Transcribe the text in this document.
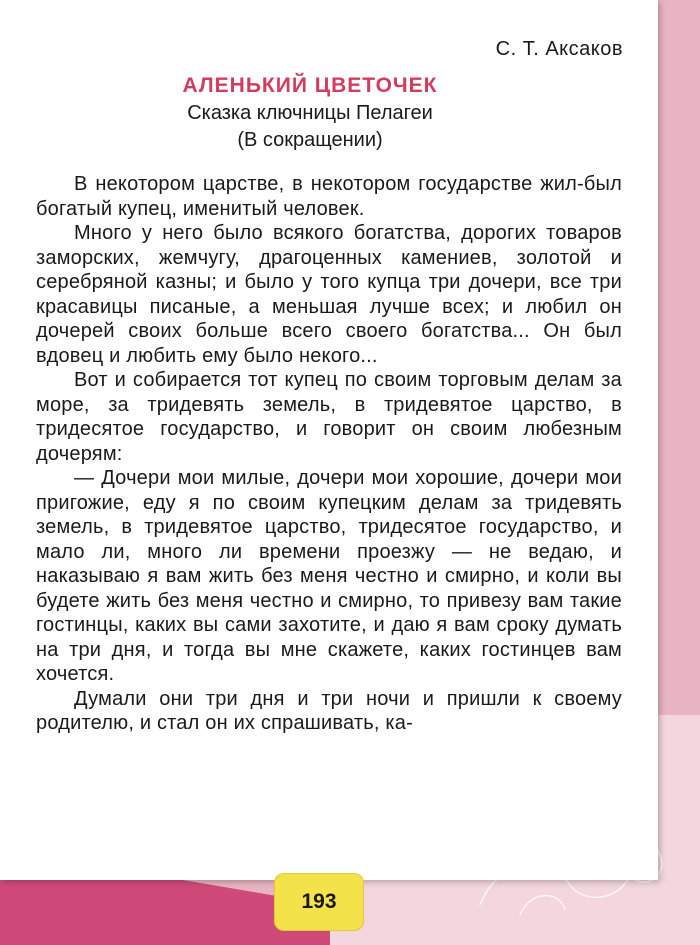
С. Т. Аксаков
АЛЕНЬКИЙ ЦВЕТОЧЕК
Сказка ключницы Пелагеи
(В сокращении)

В некотором царстве, в некотором государстве жил-был богатый купец, именитый человек.

Много у него было всякого богатства, дорогих товаров заморских, жемчугу, драгоценных камениев, золотой и серебряной казны; и было у того купца три дочери, все три красавицы писаные, а меньшая лучше всех; и любил он дочерей своих больше всего своего богатства... Он был вдовец и любить ему было некого...

Вот и собирается тот купец по своим торговым делам за море, за тридевять земель, в тридевятое царство, в тридесятое государство, и говорит он своим любезным дочерям:

— Дочери мои милые, дочери мои хорошие, дочери мои пригожие, еду я по своим купецким делам за тридевять земель, в тридевятое царство, тридесятое государство, и мало ли, много ли времени проезжу — не ведаю, и наказываю я вам жить без меня честно и смирно, и коли вы будете жить без меня честно и смирно, то привезу вам такие гостинцы, каких вы сами захотите, и даю я вам сроку думать на три дня, и тогда вы мне скажете, каких гостинцев вам хочется.

Думали они три дня и три ночи и пришли к своему родителю, и стал он их спрашивать, ка-

193
